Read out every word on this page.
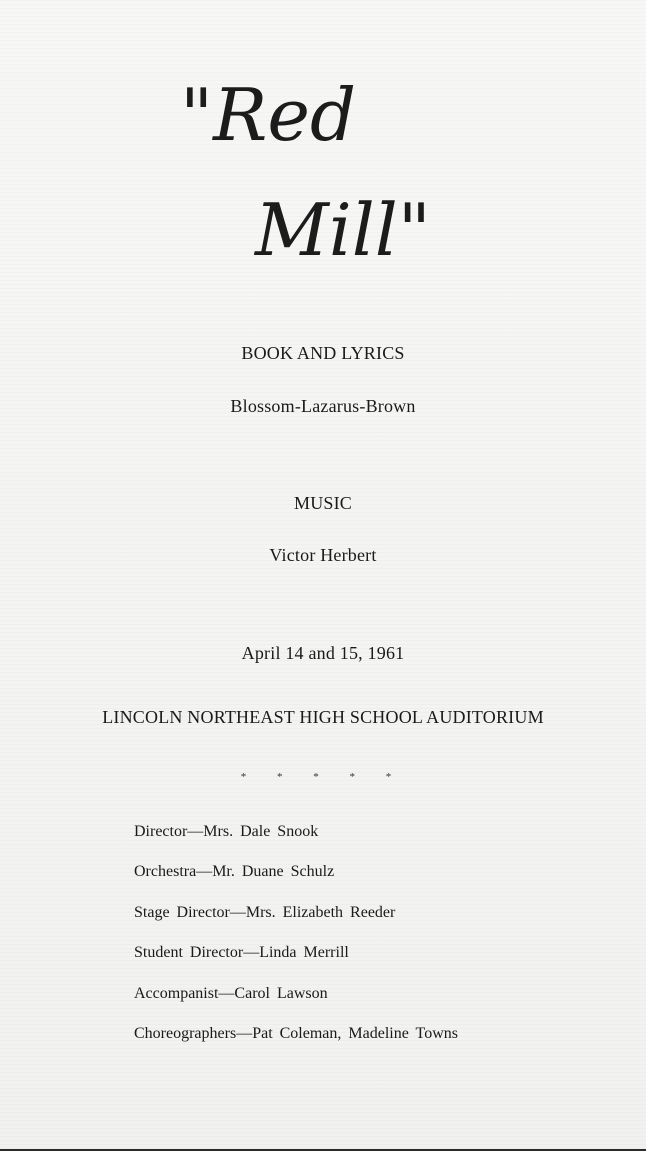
"Red
Mill"
BOOK AND LYRICS
Blossom-Lazarus-Brown
MUSIC
Victor Herbert
April 14 and 15, 1961
LINCOLN NORTHEAST HIGH SCHOOL AUDITORIUM
* * * * *
Director—Mrs. Dale Snook
Orchestra—Mr. Duane Schulz
Stage Director—Mrs. Elizabeth Reeder
Student Director—Linda Merrill
Accompanist—Carol Lawson
Choreographers—Pat Coleman, Madeline Towns
